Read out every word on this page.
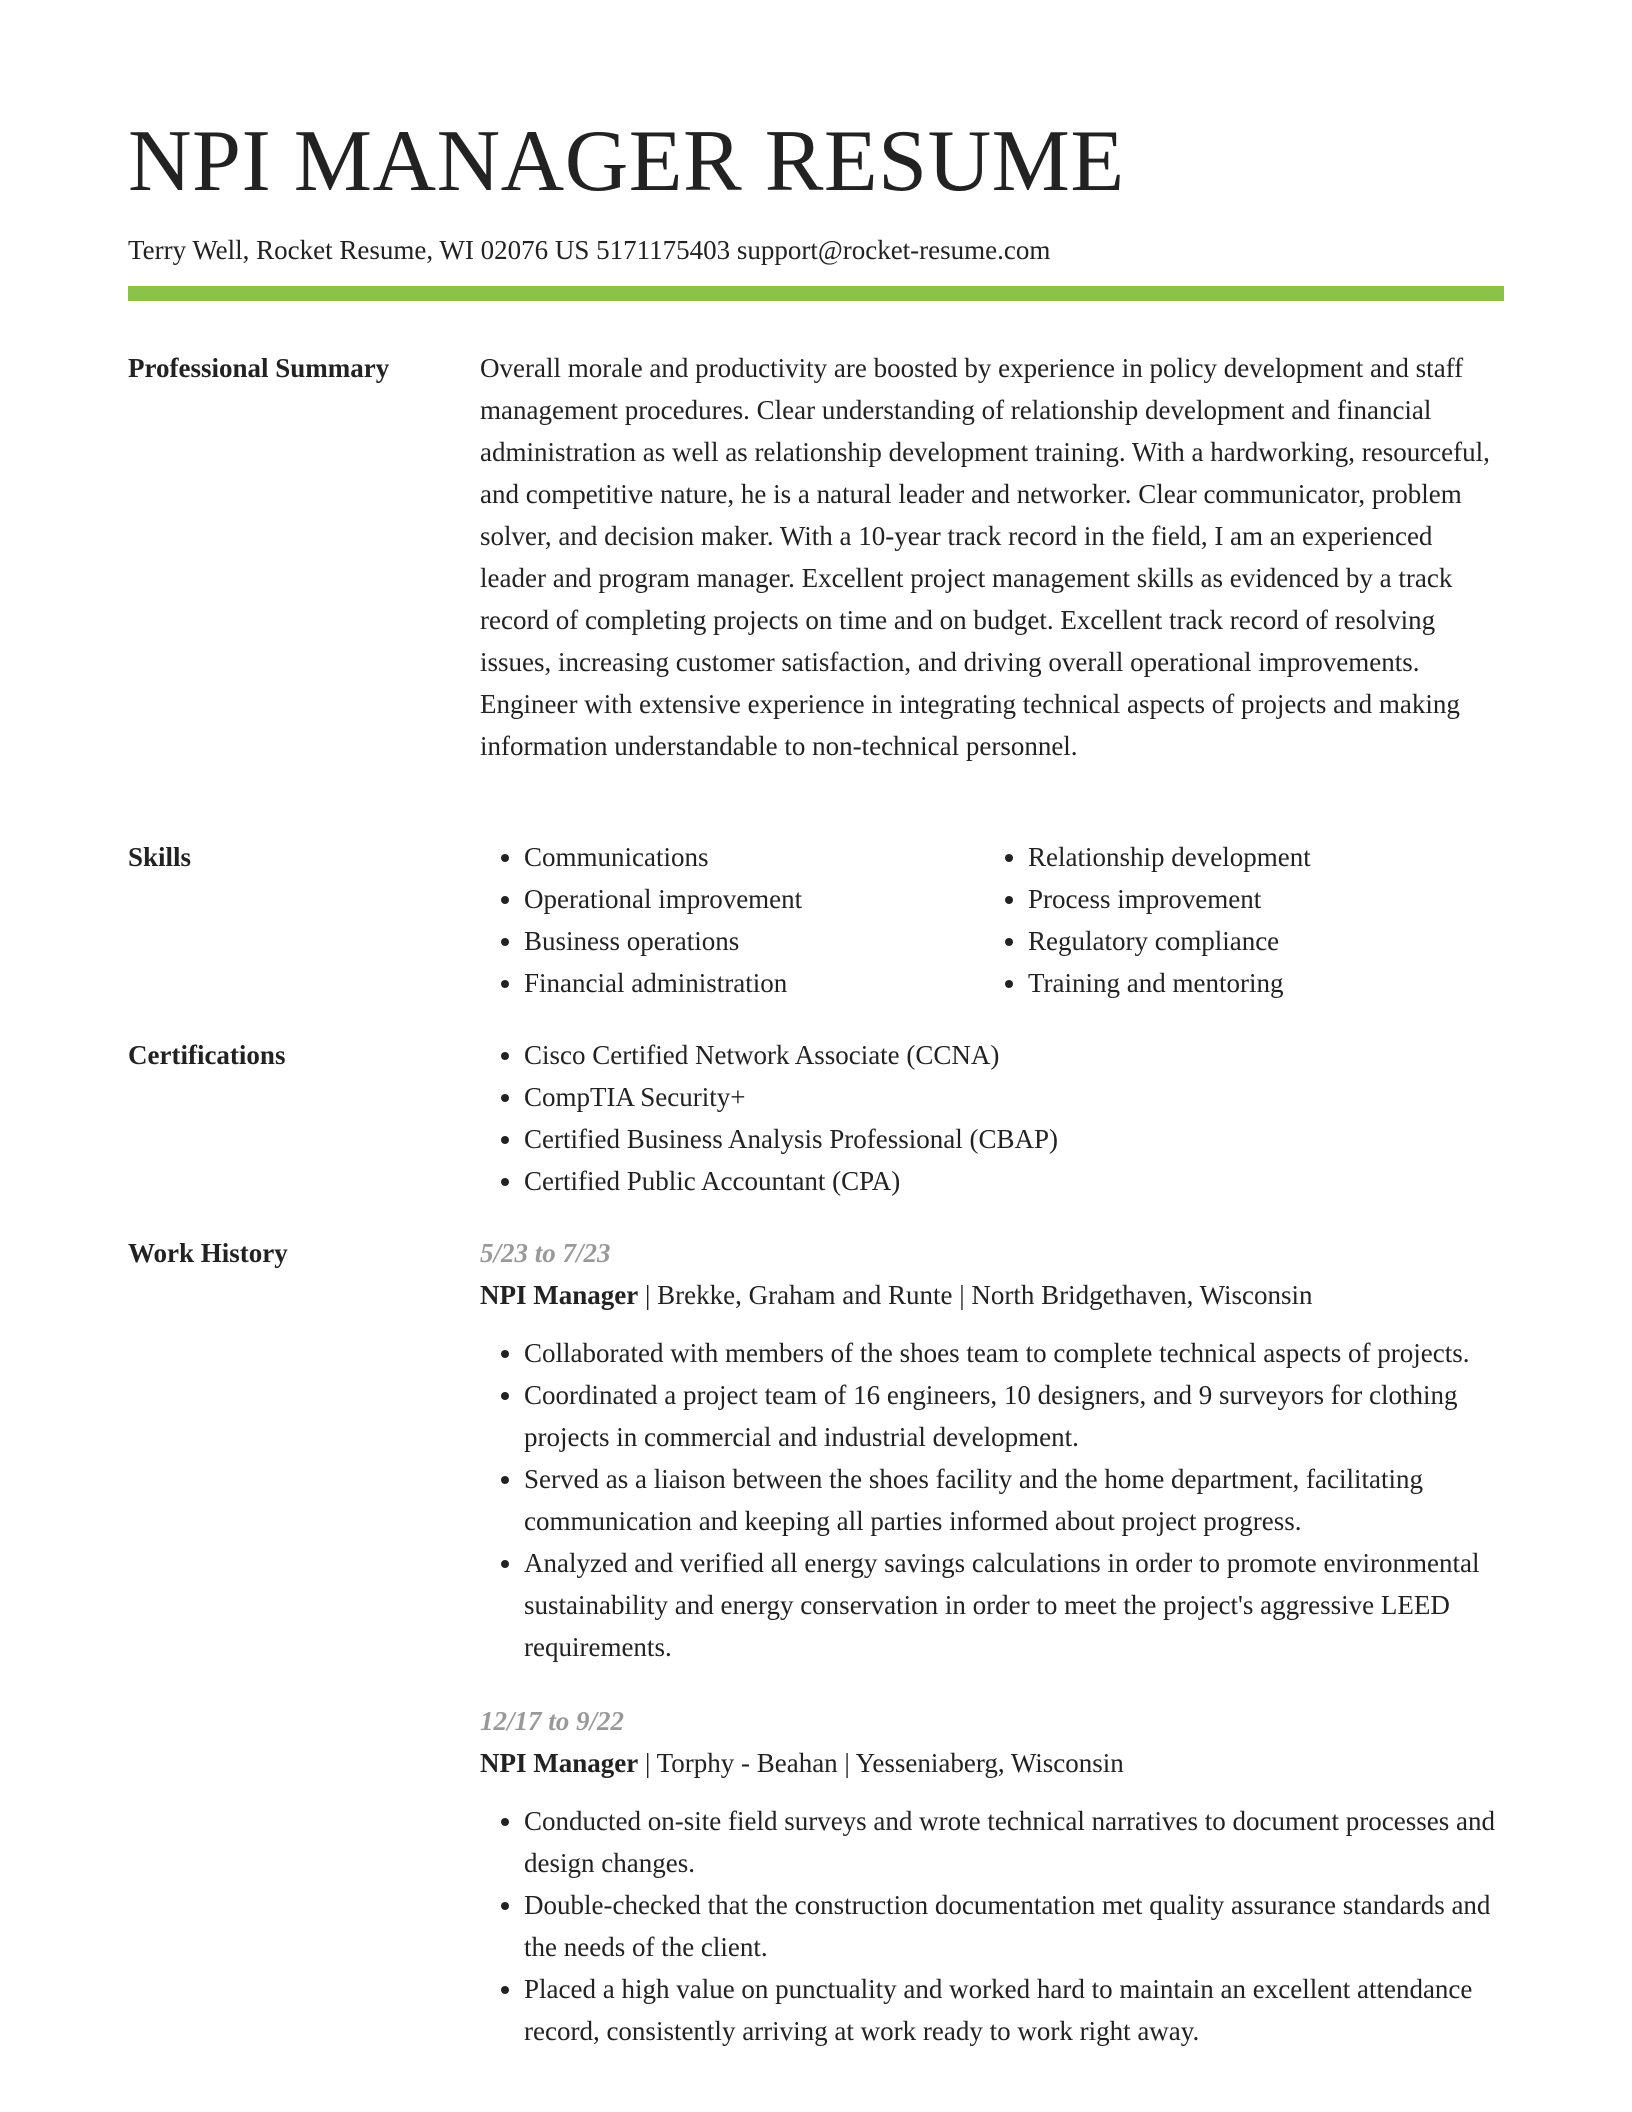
NPI MANAGER RESUME
Terry Well, Rocket Resume, WI 02076 US 5171175403 support@rocket-resume.com
Professional Summary	Overall morale and productivity are boosted by experience in policy development and staff management procedures. Clear understanding of relationship development and financial administration as well as relationship development training. With a hardworking, resourceful, and competitive nature, he is a natural leader and networker. Clear communicator, problem solver, and decision maker. With a 10-year track record in the field, I am an experienced leader and program manager. Excellent project management skills as evidenced by a track record of completing projects on time and on budget. Excellent track record of resolving issues, increasing customer satisfaction, and driving overall operational improvements. Engineer with extensive experience in integrating technical aspects of projects and making information understandable to non-technical personnel.

Skills	• Communications
• Operational improvement
• Business operations
• Financial administration
• Relationship development
• Process improvement
• Regulatory compliance
• Training and mentoring
Certifications	• Cisco Certified Network Associate (CCNA)
• CompTIA Security+
• Certified Business Analysis Professional (CBAP)
• Certified Public Accountant (CPA)
Work History	5/23 to 7/23
NPI Manager | Brekke, Graham and Runte | North Bridgethaven, Wisconsin
• Collaborated with members of the shoes team to complete technical aspects of projects.
• Coordinated a project team of 16 engineers, 10 designers, and 9 surveyors for clothing projects in commercial and industrial development.
• Served as a liaison between the shoes facility and the home department, facilitating communication and keeping all parties informed about project progress.
• Analyzed and verified all energy savings calculations in order to promote environmental sustainability and energy conservation in order to meet the project's aggressive LEED requirements.
12/17 to 9/22
NPI Manager | Torphy - Beahan | Yesseniaberg, Wisconsin
• Conducted on-site field surveys and wrote technical narratives to document processes and design changes.
• Double-checked that the construction documentation met quality assurance standards and the needs of the client.
• Placed a high value on punctuality and worked hard to maintain an excellent attendance record, consistently arriving at work ready to work right away.
